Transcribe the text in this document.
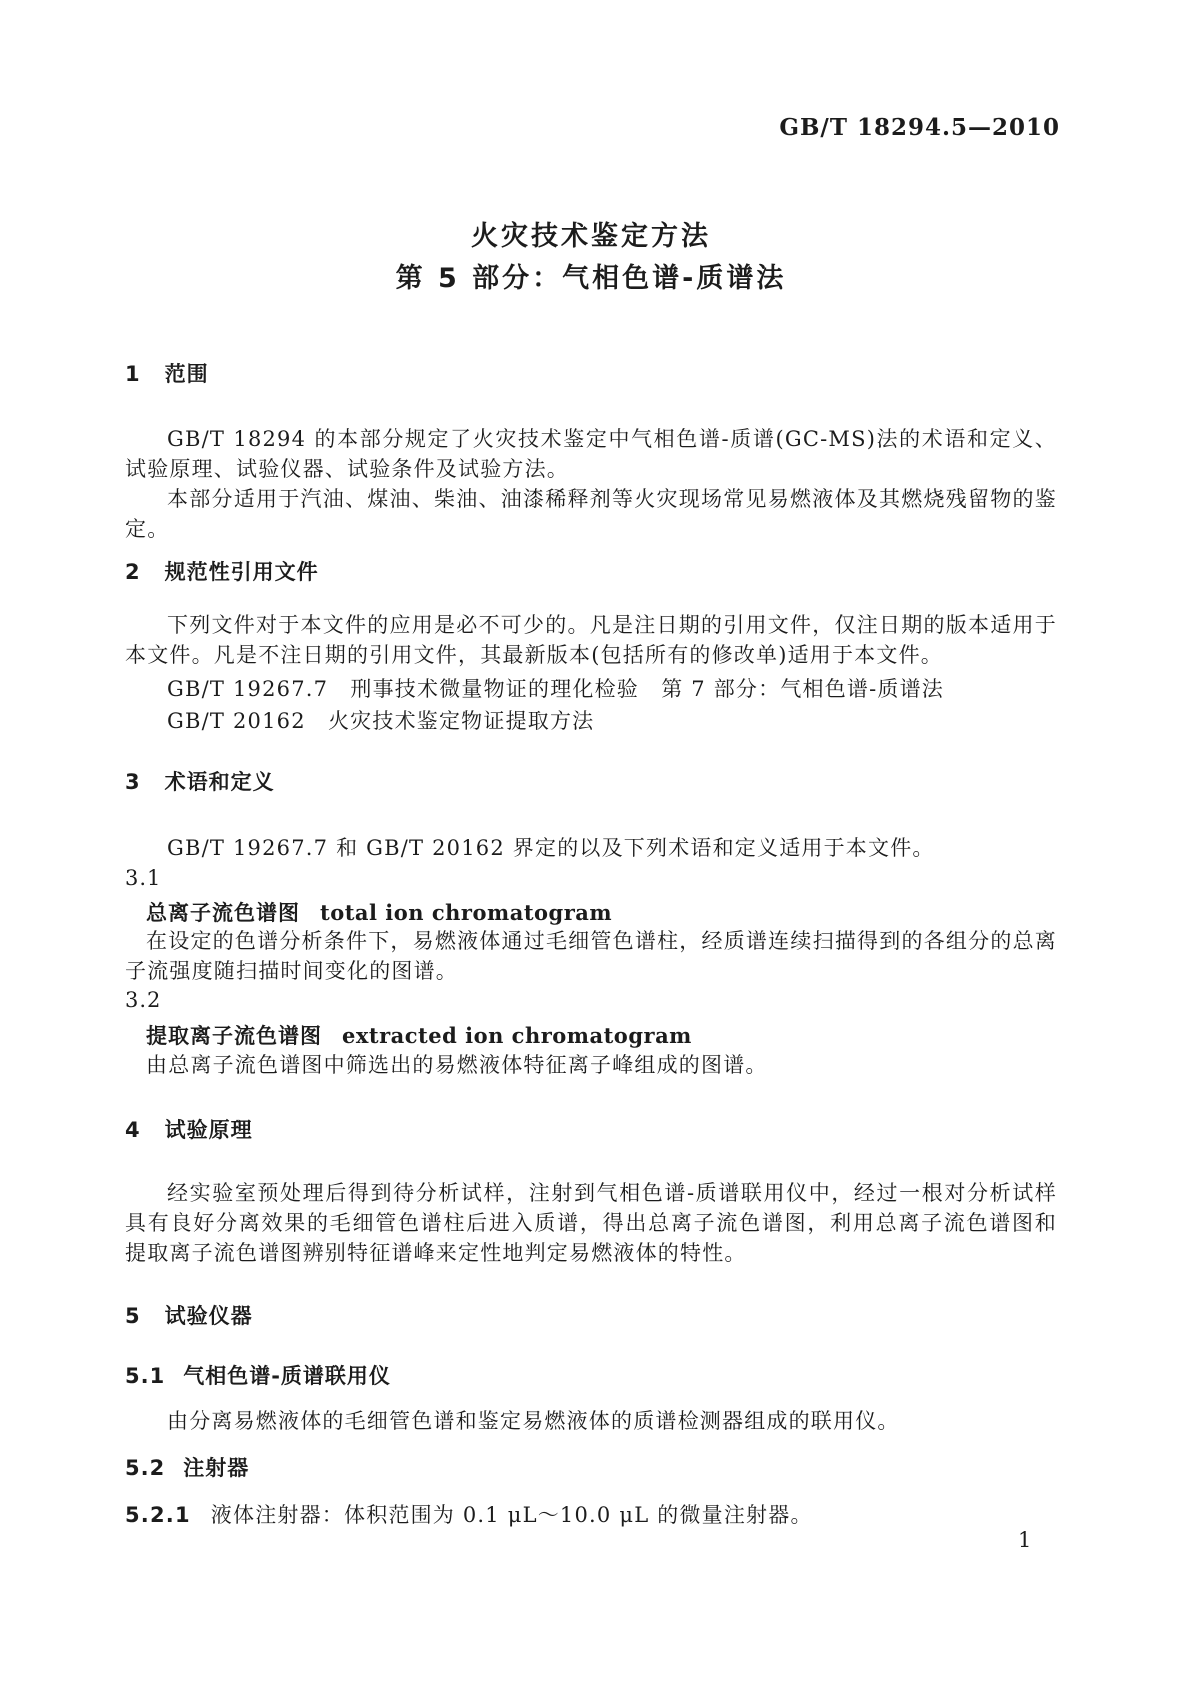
GB/T 18294.5—2010
火灾技术鉴定方法
第 5 部分：气相色谱-质谱法
1 范围

GB/T 18294 的本部分规定了火灾技术鉴定中气相色谱-质谱(GC-MS)法的术语和定义、试验原理、试验仪器、试验条件及试验方法。

本部分适用于汽油、煤油、柴油、油漆稀释剂等火灾现场常见易燃液体及其燃烧残留物的鉴定。

2 规范性引用文件

下列文件对于本文件的应用是必不可少的。凡是注日期的引用文件，仅注日期的版本适用于本文件。凡是不注日期的引用文件，其最新版本(包括所有的修改单)适用于本文件。

GB/T 19267.7　刑事技术微量物证的理化检验　第 7 部分：气相色谱-质谱法

GB/T 20162　火灾技术鉴定物证提取方法

3 术语和定义

GB/T 19267.7 和 GB/T 20162 界定的以及下列术语和定义适用于本文件。

3.1
总离子流色谱图 total ion chromatogram

在设定的色谱分析条件下，易燃液体通过毛细管色谱柱，经质谱连续扫描得到的各组分的总离子流强度随扫描时间变化的图谱。

3.2
提取离子流色谱图 extracted ion chromatogram

由总离子流色谱图中筛选出的易燃液体特征离子峰组成的图谱。

4 试验原理

经实验室预处理后得到待分析试样，注射到气相色谱-质谱联用仪中，经过一根对分析试样具有良好分离效果的毛细管色谱柱后进入质谱，得出总离子流色谱图，利用总离子流色谱图和提取离子流色谱图辨别特征谱峰来定性地判定易燃液体的特性。

5 试验仪器
5.1 气相色谱-质谱联用仪

由分离易燃液体的毛细管色谱和鉴定易燃液体的质谱检测器组成的联用仪。

5.2 注射器

5.2.1 液体注射器：体积范围为 0.1 μL～10.0 μL 的微量注射器。

1
